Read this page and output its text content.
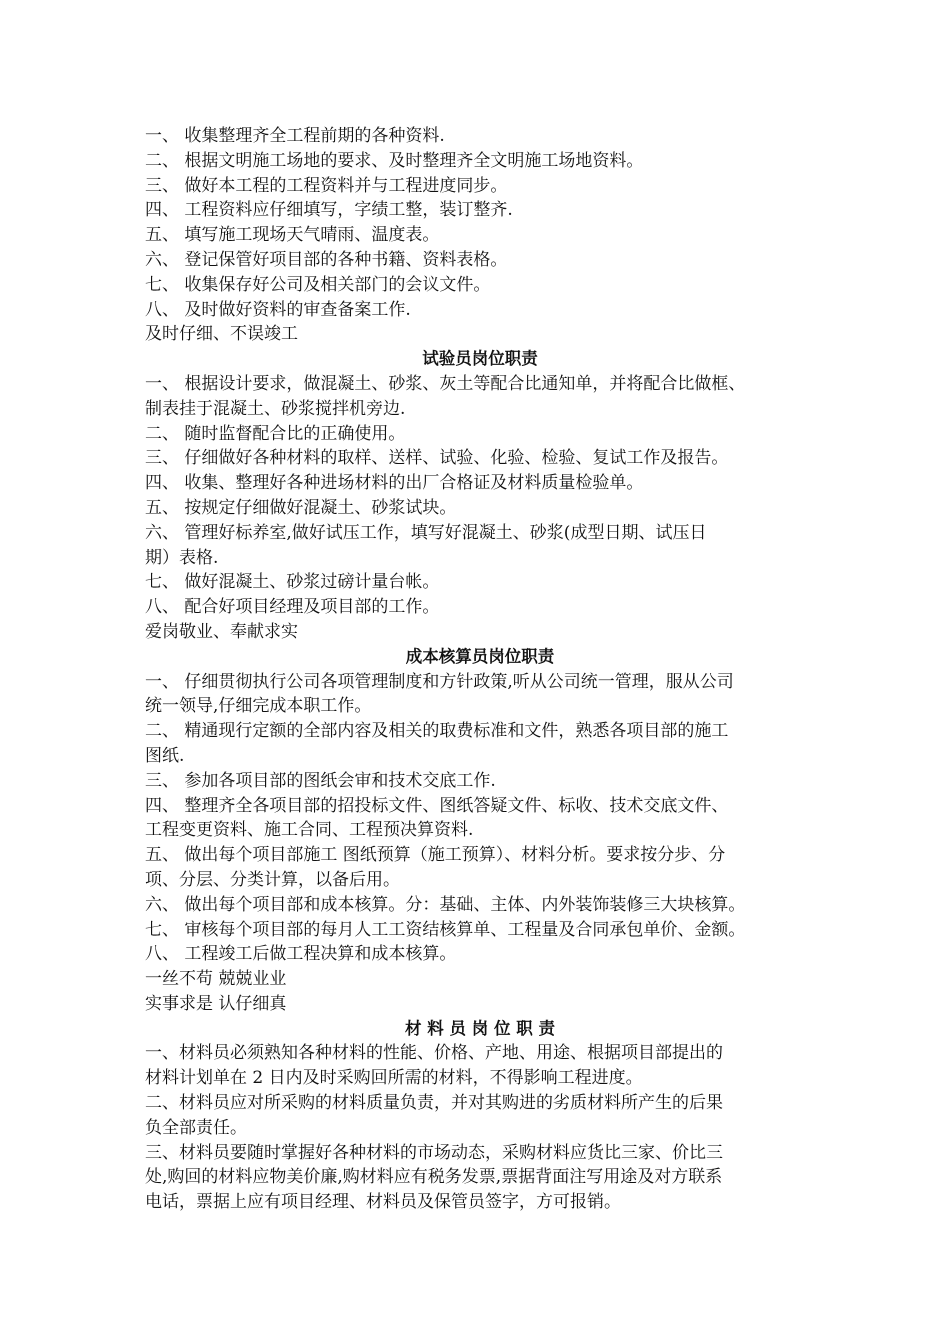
一、 收集整理齐全工程前期的各种资料.
二、 根据文明施工场地的要求、及时整理齐全文明施工场地资料。
三、 做好本工程的工程资料并与工程进度同步。
四、 工程资料应仔细填写，字绩工整，装订整齐.
五、 填写施工现场天气晴雨、温度表。
六、 登记保管好项目部的各种书籍、资料表格。
七、 收集保存好公司及相关部门的会议文件。
八、 及时做好资料的审查备案工作.
及时仔细、不误竣工
试验员岗位职责
一、 根据设计要求，做混凝土、砂浆、灰土等配合比通知单，并将配合比做框、
制表挂于混凝土、砂浆搅拌机旁边.
二、 随时监督配合比的正确使用。
三、 仔细做好各种材料的取样、送样、试验、化验、检验、复试工作及报告。
四、 收集、整理好各种进场材料的出厂合格证及材料质量检验单。
五、 按规定仔细做好混凝土、砂浆试块。
六、 管理好标养室,做好试压工作，填写好混凝土、砂浆(成型日期、试压日
期）表格.
七、 做好混凝土、砂浆过磅计量台帐。
八、 配合好项目经理及项目部的工作。
爱岗敬业、奉献求实
成本核算员岗位职责
一、 仔细贯彻执行公司各项管理制度和方针政策,听从公司统一管理，服从公司
统一领导,仔细完成本职工作。
二、 精通现行定额的全部内容及相关的取费标准和文件，熟悉各项目部的施工
图纸.
三、 参加各项目部的图纸会审和技术交底工作.
四、 整理齐全各项目部的招投标文件、图纸答疑文件、标收、技术交底文件、
工程变更资料、施工合同、工程预决算资料.
五、 做出每个项目部施工 图纸预算（施工预算）、材料分析。要求按分步、分
项、分层、分类计算，以备后用。
六、 做出每个项目部和成本核算。分：基础、主体、内外装饰装修三大块核算。
七、 审核每个项目部的每月人工工资结核算单、工程量及合同承包单价、金额。
八、 工程竣工后做工程决算和成本核算。
一丝不苟 兢兢业业
实事求是 认仔细真
材 料 员 岗 位 职 责
一、材料员必须熟知各种材料的性能、价格、产地、用途、根据项目部提出的
材料计划单在 2 日内及时采购回所需的材料，不得影响工程进度。
二、材料员应对所采购的材料质量负责，并对其购进的劣质材料所产生的后果
负全部责任。
三、材料员要随时掌握好各种材料的市场动态，采购材料应货比三家、价比三
处,购回的材料应物美价廉,购材料应有税务发票,票据背面注写用途及对方联系
电话，票据上应有项目经理、材料员及保管员签字，方可报销。
